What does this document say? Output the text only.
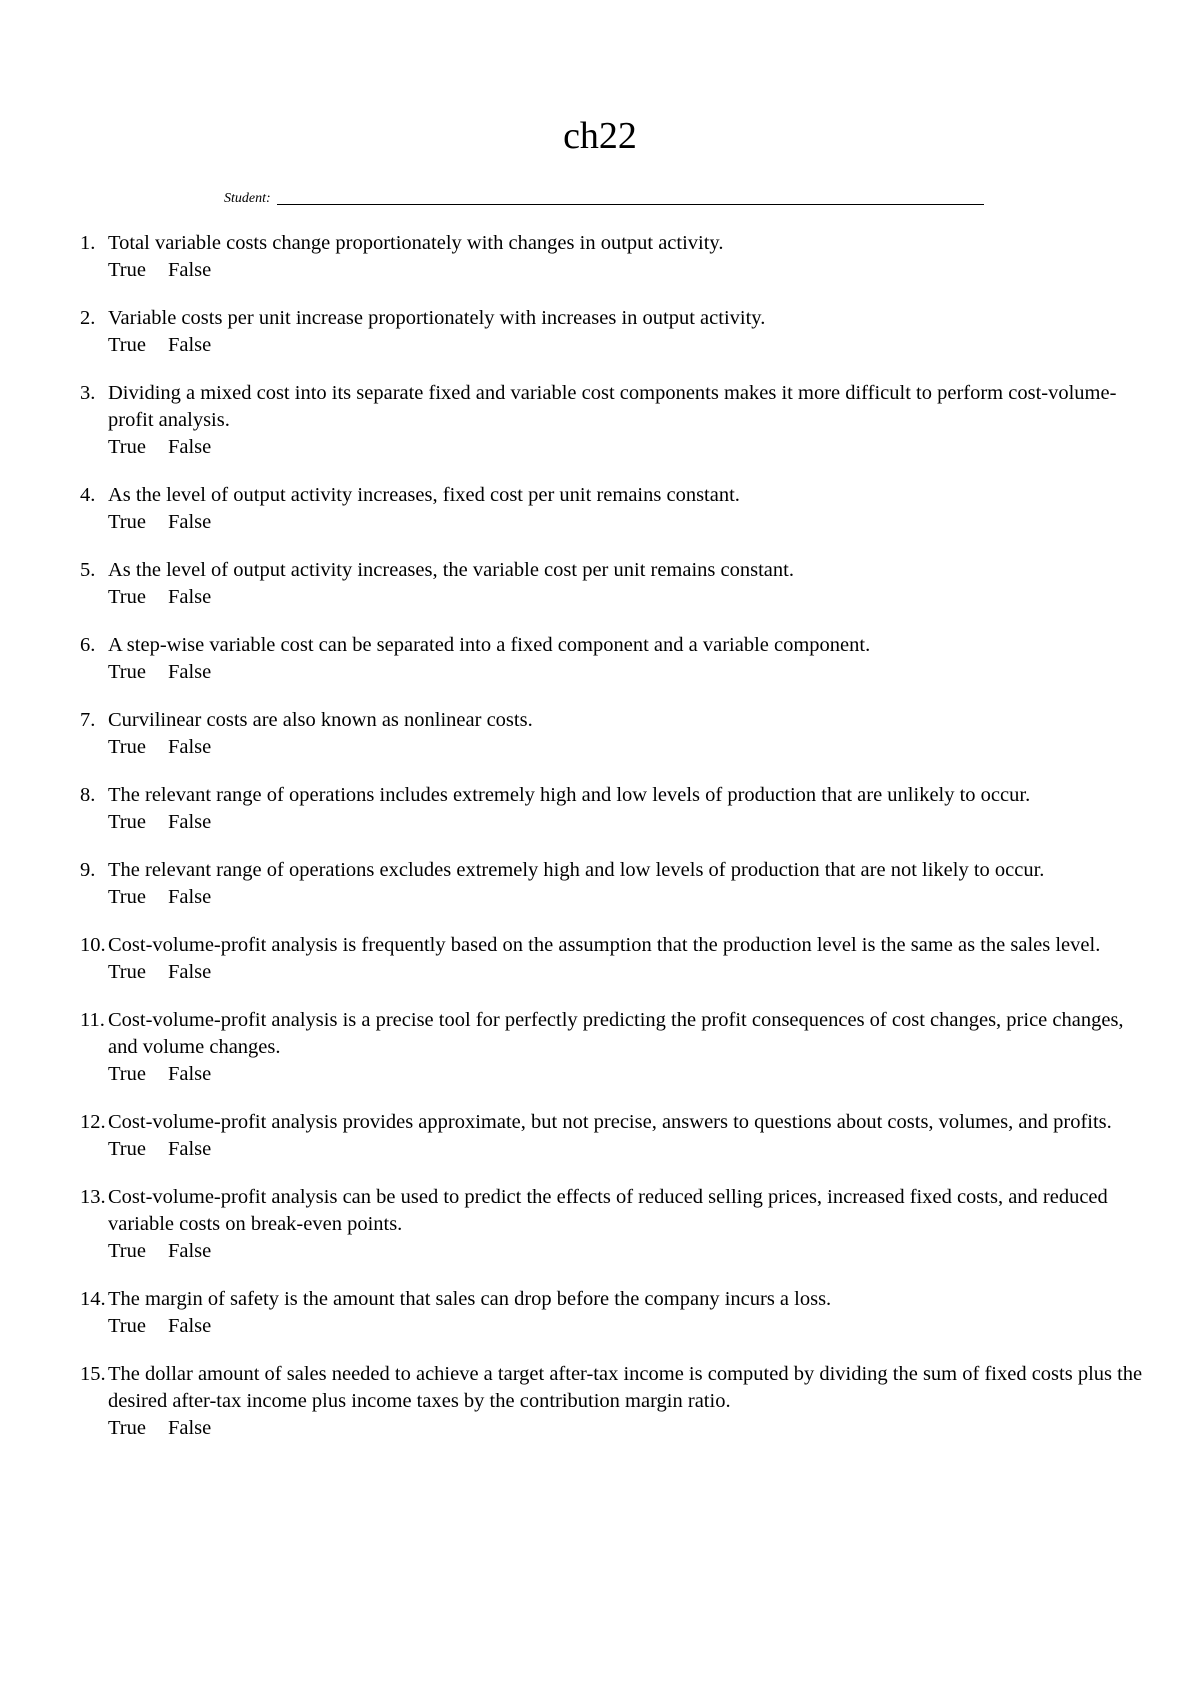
ch22
Student:
1. Total variable costs change proportionately with changes in output activity.
True False
2. Variable costs per unit increase proportionately with increases in output activity.
True False
3. Dividing a mixed cost into its separate fixed and variable cost components makes it more difficult to perform cost-volume-profit analysis.
True False
4. As the level of output activity increases, fixed cost per unit remains constant.
True False
5. As the level of output activity increases, the variable cost per unit remains constant.
True False
6. A step-wise variable cost can be separated into a fixed component and a variable component.
True False
7. Curvilinear costs are also known as nonlinear costs.
True False
8. The relevant range of operations includes extremely high and low levels of production that are unlikely to occur.
True False
9. The relevant range of operations excludes extremely high and low levels of production that are not likely to occur.
True False
10. Cost-volume-profit analysis is frequently based on the assumption that the production level is the same as the sales level.
True False
11. Cost-volume-profit analysis is a precise tool for perfectly predicting the profit consequences of cost changes, price changes, and volume changes.
True False
12. Cost-volume-profit analysis provides approximate, but not precise, answers to questions about costs, volumes, and profits.
True False
13. Cost-volume-profit analysis can be used to predict the effects of reduced selling prices, increased fixed costs, and reduced variable costs on break-even points.
True False
14. The margin of safety is the amount that sales can drop before the company incurs a loss.
True False
15. The dollar amount of sales needed to achieve a target after-tax income is computed by dividing the sum of fixed costs plus the desired after-tax income plus income taxes by the contribution margin ratio.
True False
